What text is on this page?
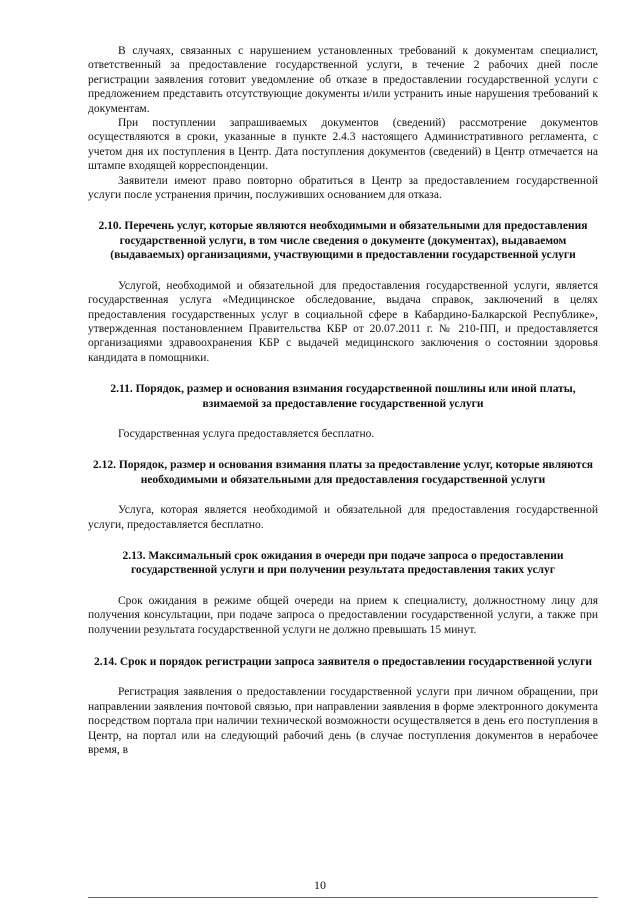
В случаях, связанных с нарушением установленных требований к документам специалист, ответственный за предоставление государственной услуги, в течение 2 рабочих дней после регистрации заявления готовит уведомление об отказе в предоставлении государственной услуги с предложением представить отсутствующие документы и/или устранить иные нарушения требований к документам.

При поступлении запрашиваемых документов (сведений) рассмотрение документов осуществляются в сроки, указанные в пункте 2.4.3 настоящего Административного регламента, с учетом дня их поступления в Центр. Дата поступления документов (сведений) в Центр отмечается на штампе входящей корреспонденции.

Заявители имеют право повторно обратиться в Центр за предоставлением государственной услуги после устранения причин, послуживших основанием для отказа.

2.10. Перечень услуг, которые являются необходимыми и обязательными для предоставления государственной услуги, в том числе сведения о документе (документах), выдаваемом (выдаваемых) организациями, участвующими в предоставлении государственной услуги

Услугой, необходимой и обязательной для предоставления государственной услуги, является государственная услуга «Медицинское обследование, выдача справок, заключений в целях предоставления государственных услуг в социальной сфере в Кабардино-Балкарской Республике», утвержденная постановлением Правительства КБР от 20.07.2011 г. № 210-ПП, и предоставляется организациями здравоохранения КБР с выдачей медицинского заключения о состоянии здоровья кандидата в помощники.

2.11. Порядок, размер и основания взимания государственной пошлины или иной платы, взимаемой за предоставление государственной услуги

Государственная услуга предоставляется бесплатно.

2.12. Порядок, размер и основания взимания платы за предоставление услуг, которые являются необходимыми и обязательными для предоставления государственной услуги

Услуга, которая является необходимой и обязательной для предоставления государственной услуги, предоставляется бесплатно.

2.13. Максимальный срок ожидания в очереди при подаче запроса о предоставлении государственной услуги и при получении результата предоставления таких услуг

Срок ожидания в режиме общей очереди на прием к специалисту, должностному лицу для получения консультации, при подаче запроса о предоставлении государственной услуги, а также при получении результата государственной услуги не должно превышать 15 минут.

2.14. Срок и порядок регистрации запроса заявителя о предоставлении государственной услуги

Регистрация заявления о предоставлении государственной услуги при личном обращении, при направлении заявления почтовой связью, при направлении заявления в форме электронного документа посредством портала при наличии технической возможности осуществляется в день его поступления в Центр, на портал или на следующий рабочий день (в случае поступления документов в нерабочее время, в

10
